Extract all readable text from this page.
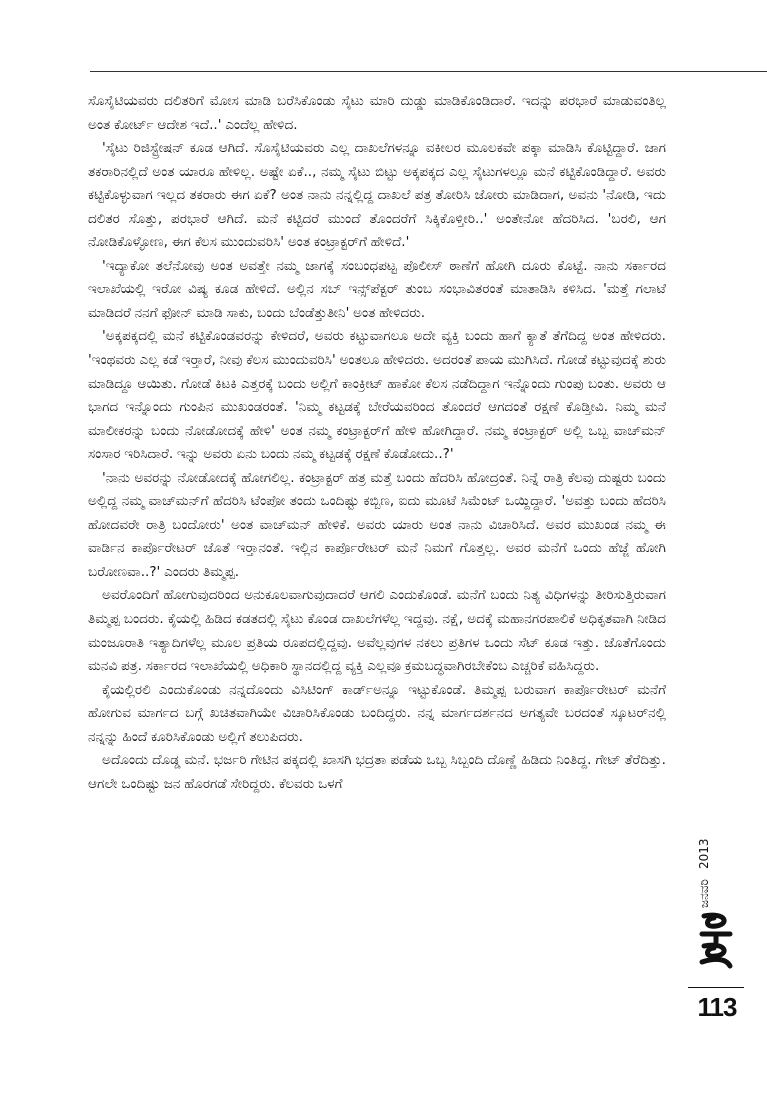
ಸೊಸೈಟಿಯವರು ದಲಿತರಿಗೆ ಮೋಸ ಮಾಡಿ ಬರೆಸಿಕೊಂಡು ಸೈಟು ಮಾರಿ ದುಡ್ಡು ಮಾಡಿಕೊಂಡಿದಾರೆ. ಇದನ್ನು ಪರಭಾರೆ ಮಾಡುವಂತಿಲ್ಲ ಅಂತ ಕೋರ್ಟ್ ಆದೇಶ ಇದೆ..' ಎಂದೆಲ್ಲ ಹೇಳಿದ.

'ಸೈಟು ರಿಜಿಸ್ಟ್ರೇಷನ್ ಕೂಡ ಆಗಿದೆ. ಸೊಸೈಟಿಯವರು ಎಲ್ಲ ದಾಖಲೆಗಳನ್ನೂ ವಕೀಲರ ಮೂಲಕವೇ ಪಕ್ಕಾ ಮಾಡಿಸಿ ಕೊಟ್ಟಿದ್ದಾರೆ. ಜಾಗ ತಕರಾರಿನಲ್ಲಿದೆ ಅಂತ ಯಾರೂ ಹೇಳಿಲ್ಲ. ಅಷ್ಟೇ ಏಕೆ.., ನಮ್ಮ ಸೈಟು ಬಿಟ್ಟು ಅಕ್ಕಪಕ್ಕದ ಎಲ್ಲ ಸೈಟುಗಳಲ್ಲೂ ಮನೆ ಕಟ್ಟಿಕೊಂಡಿದ್ದಾರೆ. ಅವರು ಕಟ್ಟಿಕೊಳ್ಳುವಾಗ ಇಲ್ಲದ ತಕರಾರು ಈಗ ಏಕೆ? ಅಂತ ನಾನು ನನ್ನಲ್ಲಿದ್ದ ದಾಖಲೆ ಪತ್ರ ತೋರಿಸಿ ಜೋರು ಮಾಡಿದಾಗ, ಅವನು 'ನೋಡಿ, ಇದು ದಲಿತರ ಸೊತ್ತು, ಪರಭಾರೆ ಆಗಿದೆ. ಮನೆ ಕಟ್ಟಿದರೆ ಮುಂದೆ ತೊಂದರೆಗೆ ಸಿಕ್ಕಿಕೊಳ್ತೀರಿ..' ಅಂತೇನೋ ಹೆದರಿಸಿದ. 'ಬರಲಿ, ಆಗ ನೋಡಿಕೊಳ್ಳೋಣ, ಈಗ ಕೆಲಸ ಮುಂದುವರಿಸಿ' ಅಂತ ಕಂಟ್ರಾಕ್ಟರ್‌ಗೆ ಹೇಳಿದೆ.'

'ಇದ್ಯಾಕೋ ತಲೆನೋವು ಅಂತ ಅವತ್ತೇ ನಮ್ಮ ಜಾಗಕ್ಕೆ ಸಂಬಂಧಪಟ್ಟ ಪೊಲೀಸ್ ಠಾಣೆಗೆ ಹೋಗಿ ದೂರು ಕೊಟ್ಟೆ. ನಾನು ಸರ್ಕಾರದ ಇಲಾಖೆಯಲ್ಲಿ ಇರೋ ವಿಷ್ಯ ಕೂಡ ಹೇಳಿದೆ. ಅಲ್ಲಿನ ಸಬ್ ಇನ್ಸ್‌ಪೆಕ್ಟರ್ ತುಂಬ ಸಂಭಾವಿತರಂತೆ ಮಾತಾಡಿಸಿ ಕಳಿಸಿದ. 'ಮತ್ತೆ ಗಲಾಟೆ ಮಾಡಿದರೆ ನನಗೆ ಫೋನ್ ಮಾಡಿ ಸಾಕು, ಬಂದು ಬೆಂಡೆತ್ತುತೀನಿ' ಅಂತ ಹೇಳಿದರು.

'ಅಕ್ಕಪಕ್ಕದಲ್ಲಿ ಮನೆ ಕಟ್ಟಿಕೊಂಡವರನ್ನು ಕೇಳಿದರೆ, ಅವರು ಕಟ್ಟುವಾಗಲೂ ಅದೇ ವ್ಯಕ್ತಿ ಬಂದು ಹಾಗೆ ಕ್ಯಾತೆ ತೆಗೆದಿದ್ದ ಅಂತ ಹೇಳಿದರು. 'ಇಂಥವರು ಎಲ್ಲ ಕಡೆ ಇರ್‍ತಾರೆ, ನೀವು ಕೆಲಸ ಮುಂದುವರಿಸಿ' ಅಂತಲೂ ಹೇಳಿದರು. ಅದರಂತೆ ಪಾಯ ಮುಗಿಸಿದೆ. ಗೋಡೆ ಕಟ್ಟುವುದಕ್ಕೆ ಶುರು ಮಾಡಿದ್ದೂ ಆಯಿತು. ಗೋಡೆ ಕಿಟಕಿ ಎತ್ತರಕ್ಕೆ ಬಂದು ಅಲ್ಲಿಗೆ ಕಾಂಕ್ರೀಟ್ ಹಾಕೋ ಕೆಲಸ ನಡೆದಿದ್ದಾಗ ಇನ್ನೊಂದು ಗುಂಪು ಬಂತು. ಅವರು ಆ ಭಾಗದ ಇನ್ನೊಂದು ಗುಂಪಿನ ಮುಖಂಡರಂತೆ. 'ನಿಮ್ಮ ಕಟ್ಟಡಕ್ಕೆ ಬೇರೆಯವರಿಂದ ತೊಂದರೆ ಆಗದಂತೆ ರಕ್ಷಣೆ ಕೊಡ್ತೀವಿ. ನಿಮ್ಮ ಮನೆ ಮಾಲೀಕರನ್ನು ಬಂದು ನೋಡೋದಕ್ಕೆ ಹೇಳಿ' ಅಂತ ನಮ್ಮ ಕಂಟ್ರಾಕ್ಟರ್‌ಗೆ ಹೇಳಿ ಹೋಗಿದ್ದಾರೆ. ನಮ್ಮ ಕಂಟ್ರಾಕ್ಟರ್ ಅಲ್ಲಿ ಒಬ್ಬ ವಾಚ್‌ಮನ್ ಸಂಸಾರ ಇರಿಸಿದಾರೆ. ಇನ್ನು ಅವರು ಏನು ಬಂದು ನಮ್ಮ ಕಟ್ಟಡಕ್ಕೆ ರಕ್ಷಣೆ ಕೊಡೋದು..?'

'ನಾನು ಅವರನ್ನು ನೋಡೋದಕ್ಕೆ ಹೋಗಲಿಲ್ಲ. ಕಂಟ್ರಾಕ್ಟರ್ ಹತ್ರ ಮತ್ತೆ ಬಂದು ಹೆದರಿಸಿ ಹೋದ್ರಂತೆ. ನಿನ್ನೆ ರಾತ್ರಿ ಕೆಲವು ದುಷ್ಟರು ಬಂದು ಅಲ್ಲಿದ್ದ ನಮ್ಮ ವಾಚ್‌ಮನ್‌ಗೆ ಹೆದರಿಸಿ ಟೆಂಪೋ ತಂದು ಒಂದಿಷ್ಟು ಕಬ್ಬಿಣ, ಐದು ಮೂಟೆ ಸಿಮೆಂಟ್ ಒಯ್ದಿದ್ದಾರೆ. 'ಅವತ್ತು ಬಂದು ಹೆದರಿಸಿ ಹೋದವರೇ ರಾತ್ರಿ ಬಂದೋರು' ಅಂತ ವಾಚ್‌ಮನ್ ಹೇಳಿಕೆ. ಅವರು ಯಾರು ಅಂತ ನಾನು ವಿಚಾರಿಸಿದೆ. ಅವರ ಮುಖಂಡ ನಮ್ಮ ಈ ವಾರ್ಡಿನ ಕಾರ್ಪೊರೇಟರ್ ಜೊತೆ ಇರ್‍ತಾನಂತೆ. ಇಲ್ಲಿನ ಕಾರ್ಪೊರೇಟರ್ ಮನೆ ನಿಮಗೆ ಗೊತ್ತಲ್ಲ. ಅವರ ಮನೆಗೆ ಒಂದು ಹೆಜ್ಜೆ ಹೋಗಿ ಬರೋಣವಾ..?' ಎಂದರು ತಿಮ್ಮಪ್ಪ.

ಅವರೊಂದಿಗೆ ಹೋಗುವುದರಿಂದ ಅನುಕೂಲವಾಗುವುದಾದರೆ ಆಗಲಿ ಎಂದುಕೊಂಡೆ. ಮನೆಗೆ ಬಂದು ನಿತ್ಯ ವಿಧಿಗಳನ್ನು ತೀರಿಸುತ್ತಿರುವಾಗ ತಿಮ್ಮಪ್ಪ ಬಂದರು. ಕೈಯಲ್ಲಿ ಹಿಡಿದ ಕಡತದಲ್ಲಿ ಸೈಟು ಕೊಂಡ ದಾಖಲೆಗಳೆಲ್ಲ ಇದ್ದವು. ನಕ್ಷೆ, ಅದಕ್ಕೆ ಮಹಾನಗರಪಾಲಿಕೆ ಅಧಿಕೃತವಾಗಿ ನೀಡಿದ ಮಂಜೂರಾತಿ ಇತ್ಯಾದಿಗಳೆಲ್ಲ ಮೂಲ ಪ್ರತಿಯ ರೂಪದಲ್ಲಿದ್ದವು. ಅವೆಲ್ಲವುಗಳ ನಕಲು ಪ್ರತಿಗಳ ಒಂದು ಸೆಟ್ ಕೂಡ ಇತ್ತು. ಜೊತೆಗೊಂದು ಮನವಿ ಪತ್ರ. ಸರ್ಕಾರದ ಇಲಾಖೆಯಲ್ಲಿ ಅಧಿಕಾರಿ ಸ್ಥಾನದಲ್ಲಿದ್ದ ವ್ಯಕ್ತಿ ಎಲ್ಲವೂ ಕ್ರಮಬದ್ಧವಾಗಿರಬೇಕೆಂಬ ಎಚ್ಚರಿಕೆ ವಹಿಸಿದ್ದರು.

ಕೈಯಲ್ಲಿರಲಿ ಎಂದುಕೊಂಡು ನನ್ನದೊಂದು ವಿಸಿಟಿಂಗ್ ಕಾರ್ಡ್‌ಅನ್ನೂ ಇಟ್ಟುಕೊಂಡೆ. ತಿಮ್ಮಪ್ಪ ಬರುವಾಗ ಕಾರ್ಪೊರೇಟರ್ ಮನೆಗೆ ಹೋಗುವ ಮಾರ್ಗದ ಬಗ್ಗೆ ಖಚಿತವಾಗಿಯೇ ವಿಚಾರಿಸಿಕೊಂಡು ಬಂದಿದ್ದರು. ನನ್ನ ಮಾರ್ಗದರ್ಶನದ ಅಗತ್ಯವೇ ಬರದಂತೆ ಸ್ಕೂಟರ್‌ನಲ್ಲಿ ನನ್ನನ್ನು ಹಿಂದೆ ಕೂರಿಸಿಕೊಂಡು ಅಲ್ಲಿಗೆ ತಲುಪಿದರು.

ಅದೊಂದು ದೊಡ್ಡ ಮನೆ. ಭರ್ಜರಿ ಗೇಟಿನ ಪಕ್ಕದಲ್ಲಿ ಖಾಸಗಿ ಭದ್ರತಾ ಪಡೆಯ ಒಬ್ಬ ಸಿಬ್ಬಂದಿ ದೊಣ್ಣೆ ಹಿಡಿದು ನಿಂತಿದ್ದ. ಗೇಟ್ ತೆರೆದಿತ್ತು. ಆಗಲೇ ಒಂದಿಷ್ಟು ಜನ ಹೊರಗಡೆ ಸೇರಿದ್ದರು. ಕೆಲವರು ಒಳಗೆ

ಜನವರಿ
2013
113
